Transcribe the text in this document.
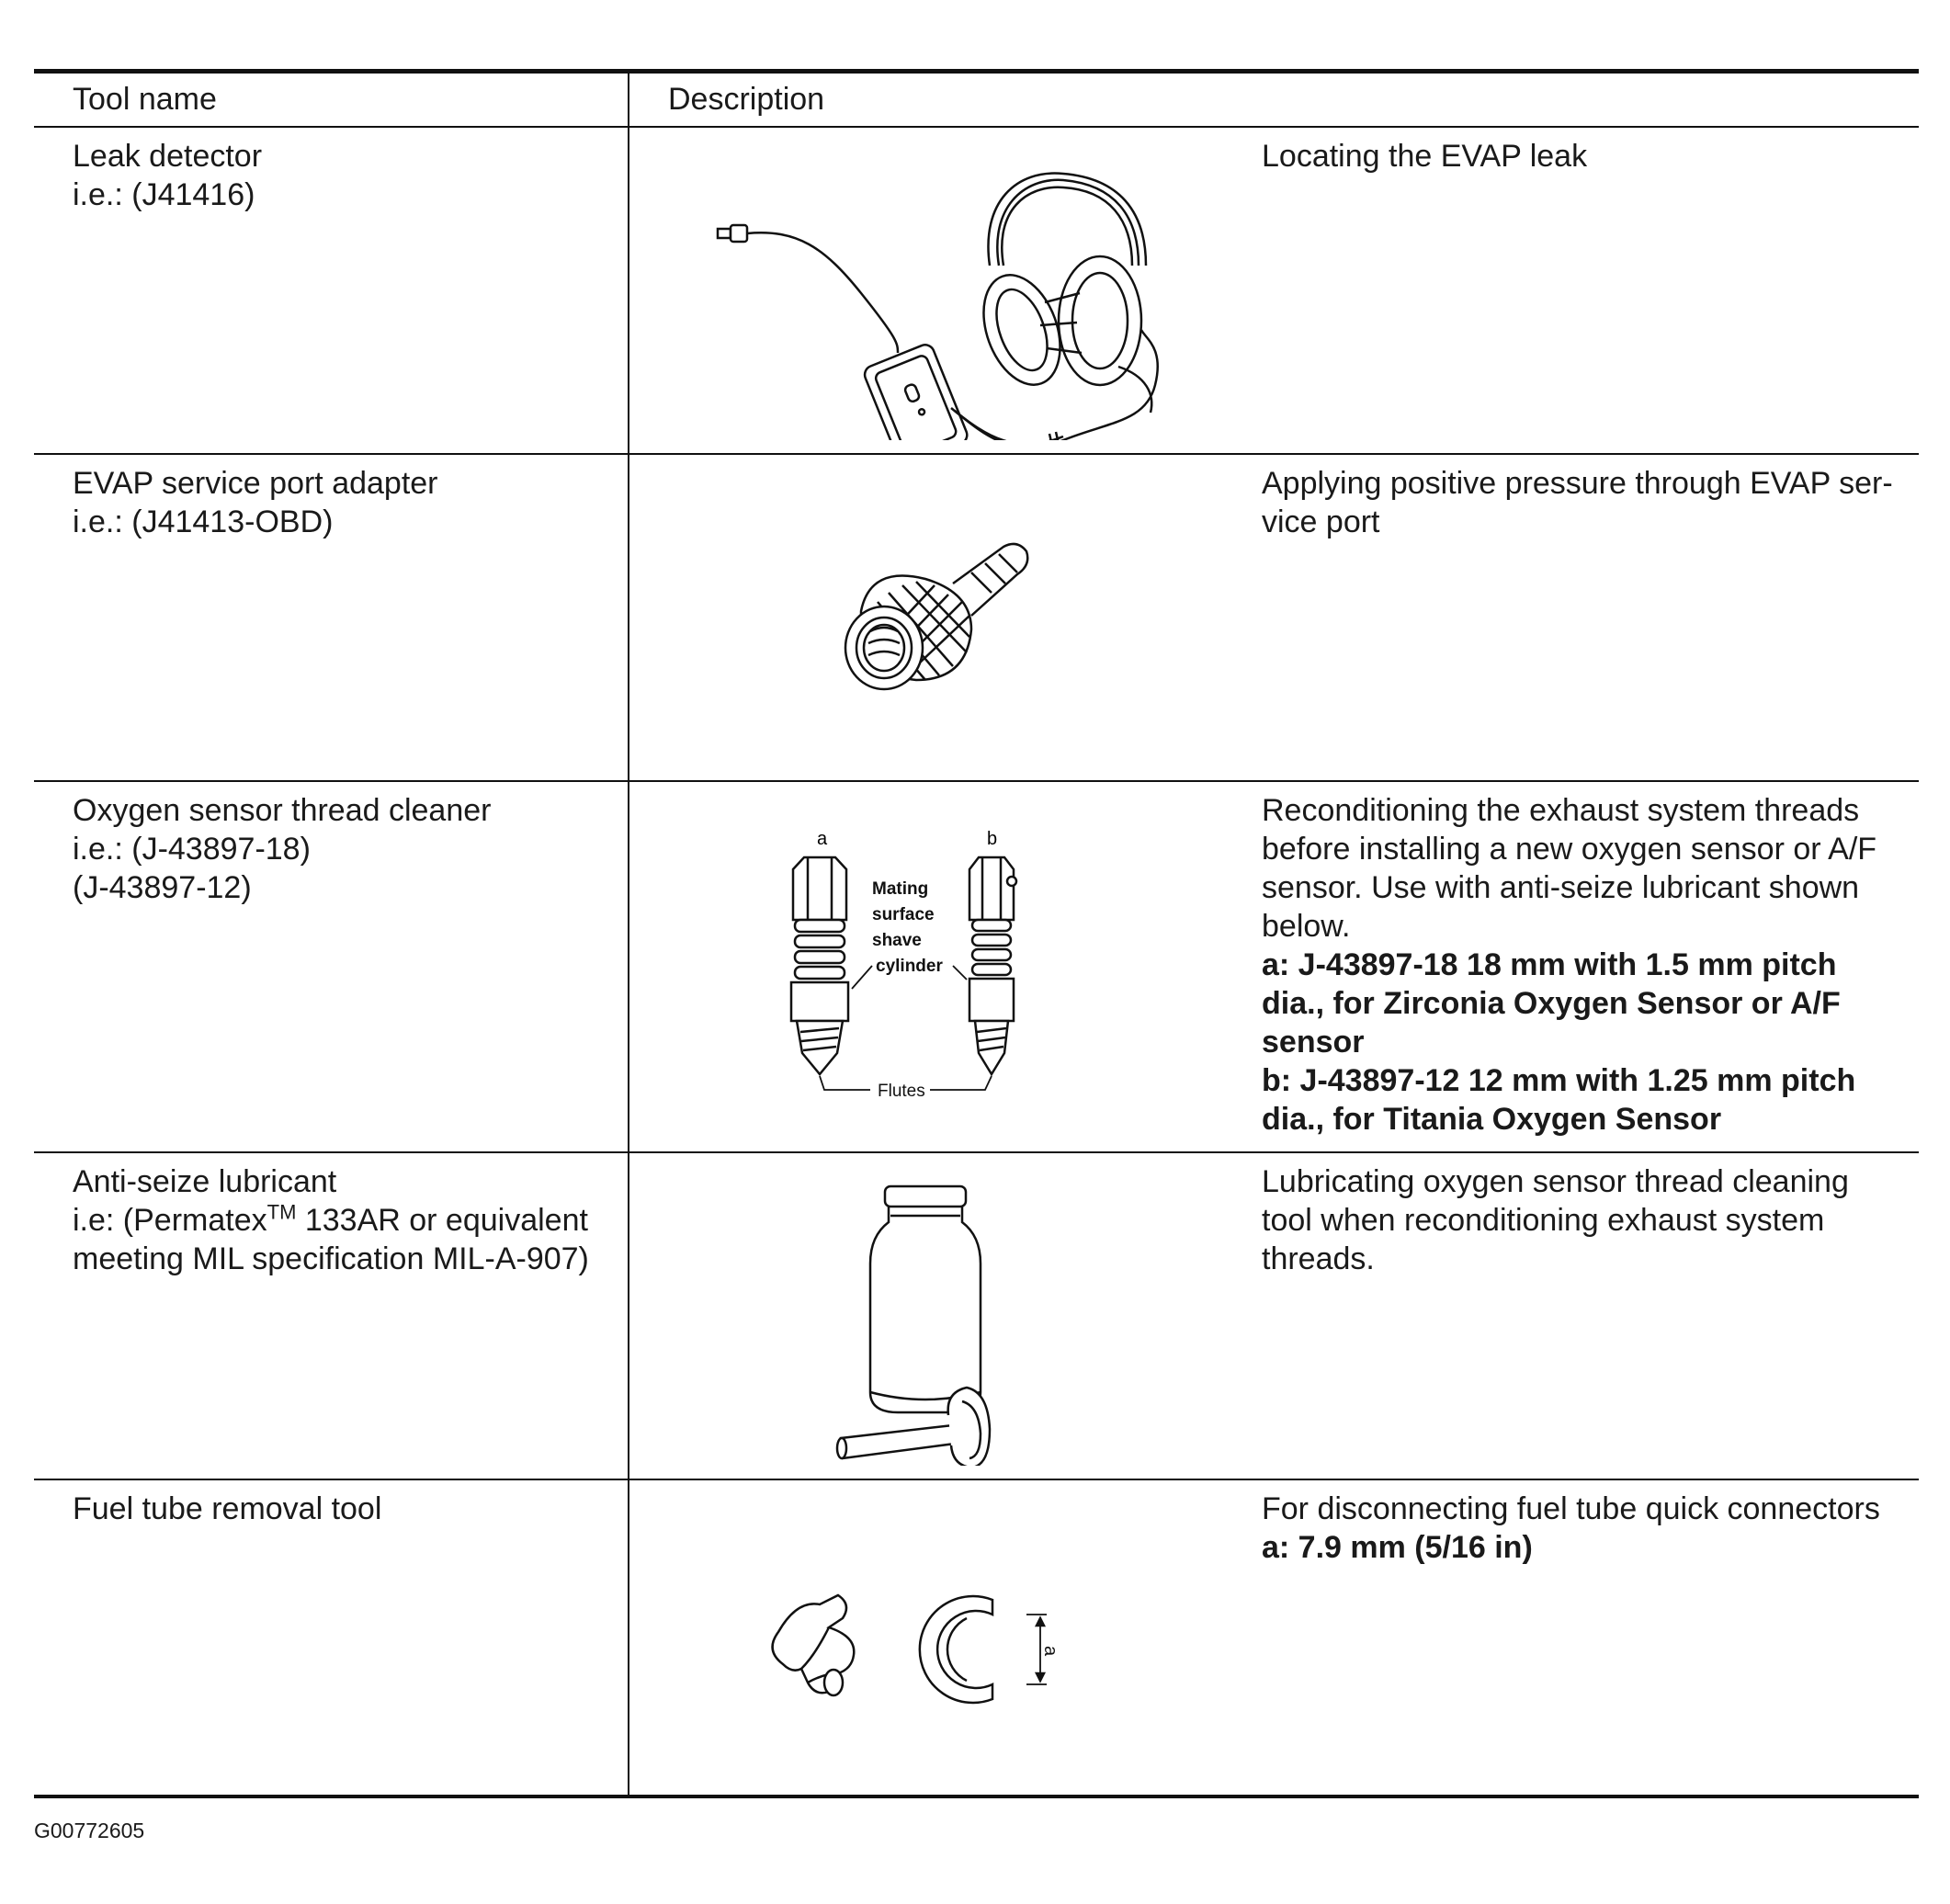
Tool name	Description
Leak detector
i.e.: (J41416)
Locating the EVAP leak
EVAP service port adapter
i.e.: (J41413-OBD)
Applying positive pressure through EVAP ser-
vice port
Oxygen sensor thread cleaner
i.e.: (J-43897-18)
(J-43897-12)
a	b
Mating
surface
shave
cylinder
Flutes
Reconditioning the exhaust system threads
before installing a new oxygen sensor or A/F
sensor. Use with anti-seize lubricant shown
below.
a: J-43897-18 18 mm with 1.5 mm pitch
dia., for Zirconia Oxygen Sensor or A/F
sensor
b: J-43897-12 12 mm with 1.25 mm pitch
dia., for Titania Oxygen Sensor
Anti-seize lubricant
i.e: (Permatex™ 133AR or equivalent
meeting MIL specification MIL-A-907)
Lubricating oxygen sensor thread cleaning
tool when reconditioning exhaust system
threads.
Fuel tube removal tool
a
For disconnecting fuel tube quick connectors
a: 7.9 mm (5/16 in)
G00772605
